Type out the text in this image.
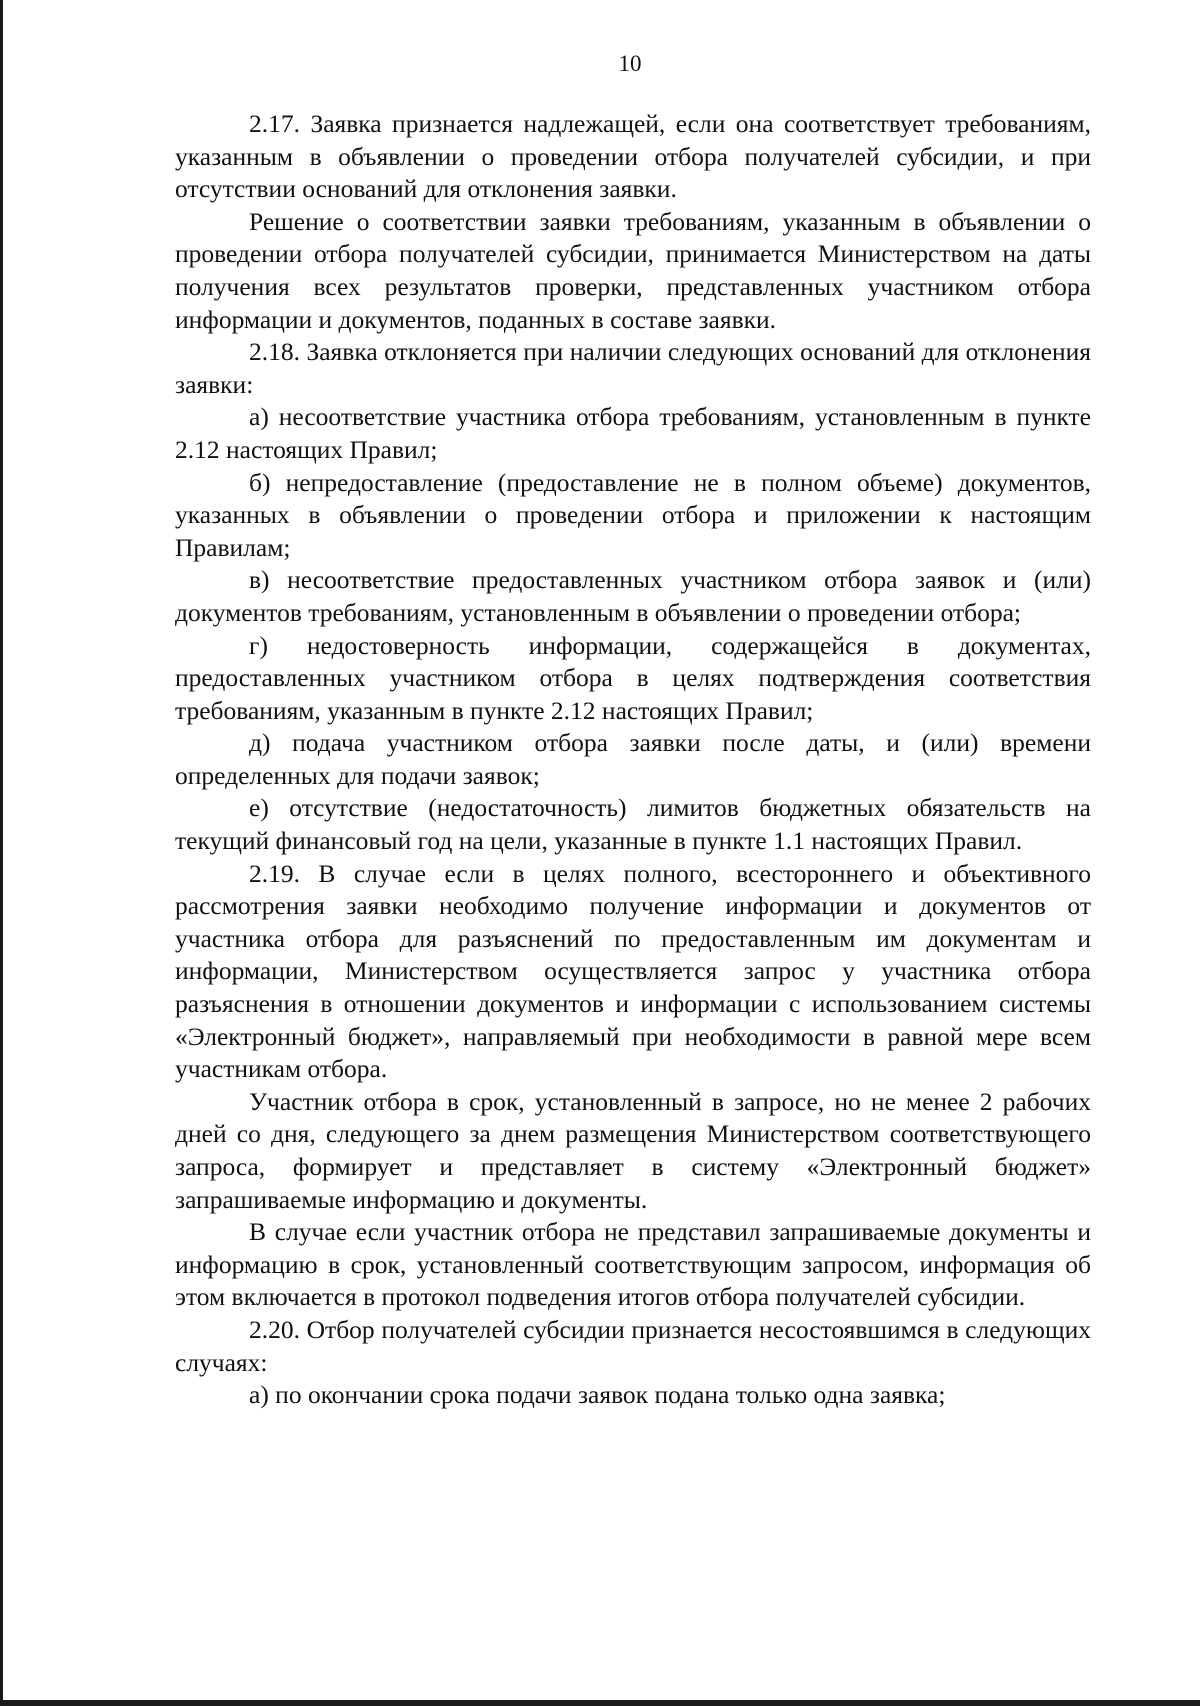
10

2.17. Заявка признается надлежащей, если она соответствует требованиям, указанным в объявлении о проведении отбора получателей субсидии, и при отсутствии оснований для отклонения заявки.

Решение о соответствии заявки требованиям, указанным в объявлении о проведении отбора получателей субсидии, принимается Министерством на даты получения всех результатов проверки, представленных участником отбора информации и документов, поданных в составе заявки.

2.18. Заявка отклоняется при наличии следующих оснований для отклонения заявки:

а) несоответствие участника отбора требованиям, установленным в пункте 2.12 настоящих Правил;

б) непредоставление (предоставление не в полном объеме) документов, указанных в объявлении о проведении отбора и приложении к настоящим Правилам;

в) несоответствие предоставленных участником отбора заявок и (или) документов требованиям, установленным в объявлении о проведении отбора;

г) недостоверность информации, содержащейся в документах, предоставленных участником отбора в целях подтверждения соответствия требованиям, указанным в пункте 2.12 настоящих Правил;

д) подача участником отбора заявки после даты, и (или) времени определенных для подачи заявок;

е) отсутствие (недостаточность) лимитов бюджетных обязательств на текущий финансовый год на цели, указанные в пункте 1.1 настоящих Правил.

2.19. В случае если в целях полного, всестороннего и объективного рассмотрения заявки необходимо получение информации и документов от участника отбора для разъяснений по предоставленным им документам и информации, Министерством осуществляется запрос у участника отбора разъяснения в отношении документов и информации с использованием системы «Электронный бюджет», направляемый при необходимости в равной мере всем участникам отбора.

Участник отбора в срок, установленный в запросе, но не менее 2 рабочих дней со дня, следующего за днем размещения Министерством соответствующего запроса, формирует и представляет в систему «Электронный бюджет» запрашиваемые информацию и документы.

В случае если участник отбора не представил запрашиваемые документы и информацию в срок, установленный соответствующим запросом, информация об этом включается в протокол подведения итогов отбора получателей субсидии.

2.20. Отбор получателей субсидии признается несостоявшимся в следующих случаях:

а) по окончании срока подачи заявок подана только одна заявка;
